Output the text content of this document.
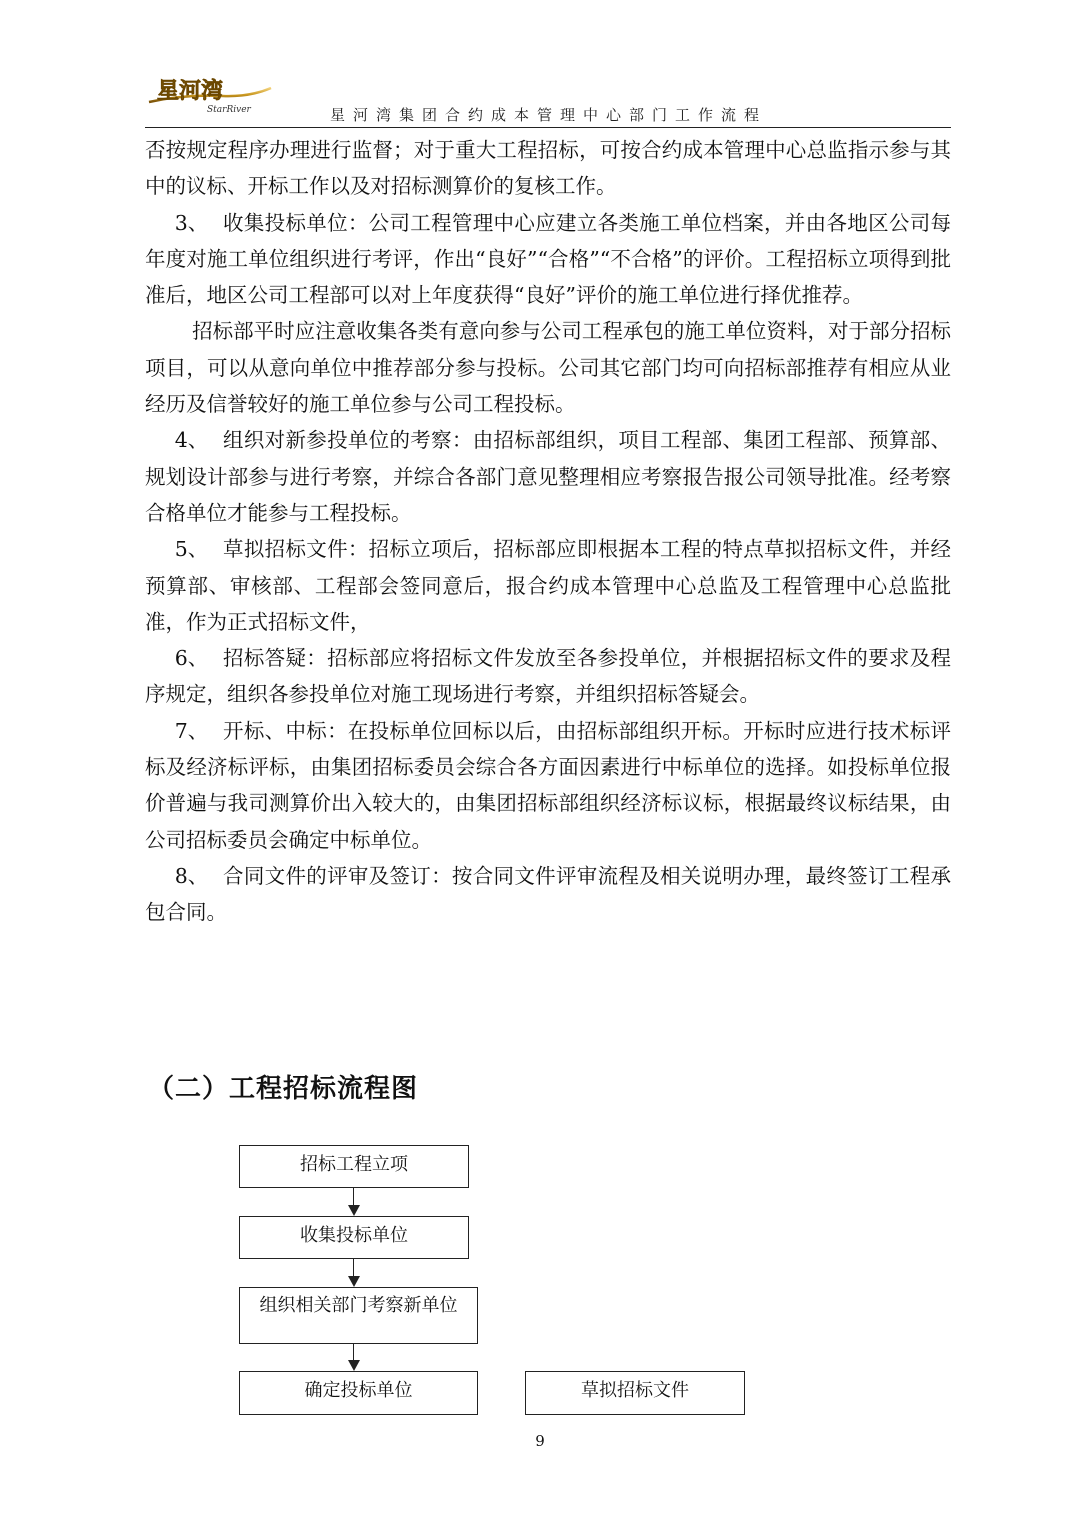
星河湾
StarRiver	星河湾集团合约成本管理中心部门工作流程

否按规定程序办理进行监督；对于重大工程招标，可按合约成本管理中心总监指示参与其中的议标、开标工作以及对招标测算价的复核工作。

3、 收集投标单位：公司工程管理中心应建立各类施工单位档案，并由各地区公司每年度对施工单位组织进行考评，作出“良好”“合格”“不合格”的评价。工程招标立项得到批准后，地区公司工程部可以对上年度获得“良好”评价的施工单位进行择优推荐。

招标部平时应注意收集各类有意向参与公司工程承包的施工单位资料，对于部分招标项目，可以从意向单位中推荐部分参与投标。公司其它部门均可向招标部推荐有相应从业经历及信誉较好的施工单位参与公司工程投标。

4、 组织对新参投单位的考察：由招标部组织，项目工程部、集团工程部、预算部、规划设计部参与进行考察，并综合各部门意见整理相应考察报告报公司领导批准。经考察合格单位才能参与工程投标。

5、 草拟招标文件：招标立项后，招标部应即根据本工程的特点草拟招标文件，并经预算部、审核部、工程部会签同意后，报合约成本管理中心总监及工程管理中心总监批准，作为正式招标文件，

6、 招标答疑：招标部应将招标文件发放至各参投单位，并根据招标文件的要求及程序规定，组织各参投单位对施工现场进行考察，并组织招标答疑会。

7、 开标、中标：在投标单位回标以后，由招标部组织开标。开标时应进行技术标评标及经济标评标，由集团招标委员会综合各方面因素进行中标单位的选择。如投标单位报价普遍与我司测算价出入较大的，由集团招标部组织经济标议标，根据最终议标结果，由公司招标委员会确定中标单位。

8、 合同文件的评审及签订：按合同文件评审流程及相关说明办理，最终签订工程承包合同。

（二）工程招标流程图
招标工程立项
收集投标单位
组织相关部门考察新单位
确定投标单位	草拟招标文件
9
